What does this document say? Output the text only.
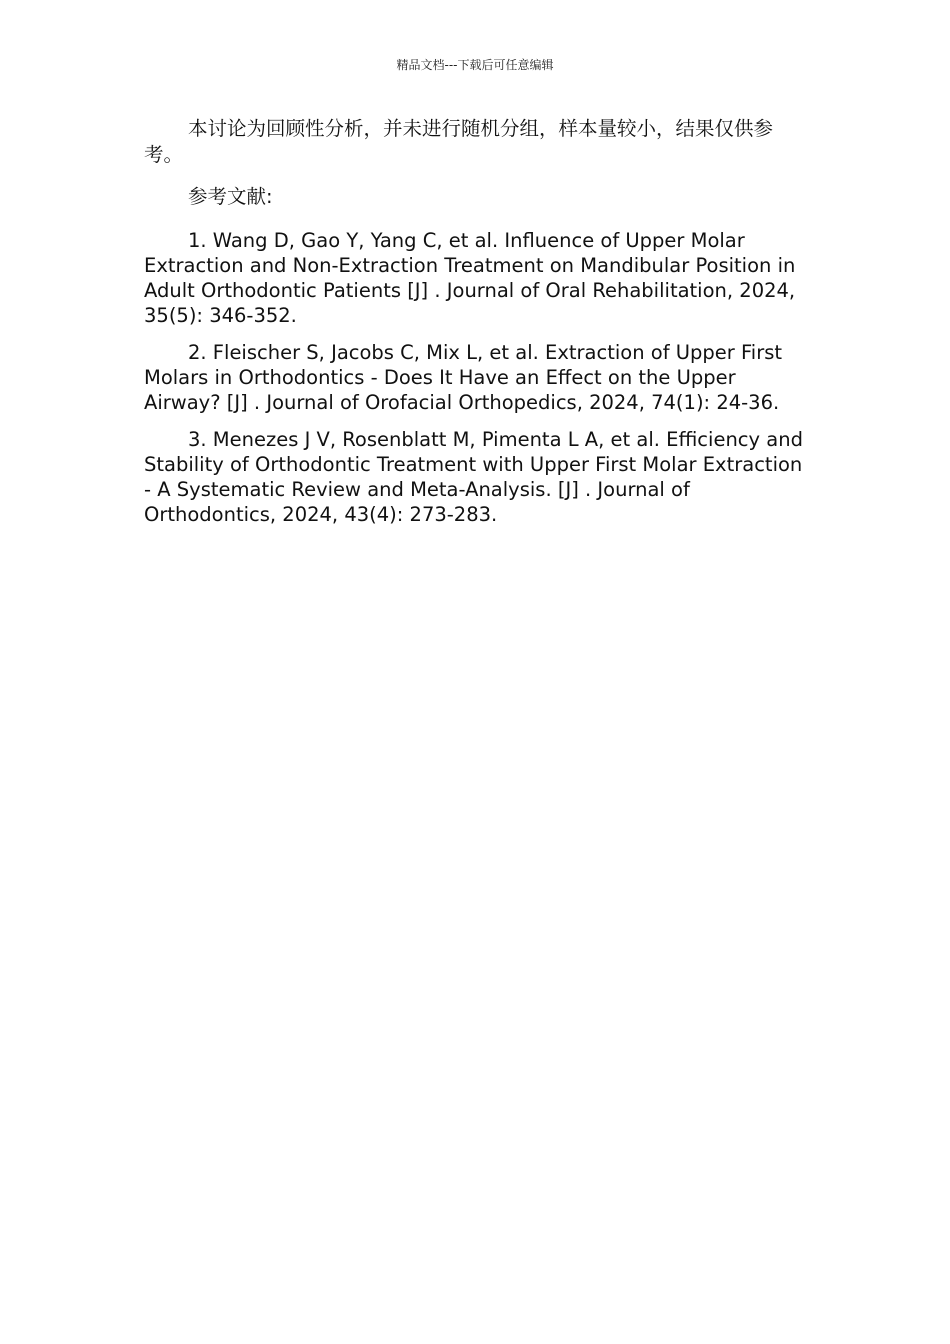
精品文档---下载后可任意编辑

本讨论为回顾性分析，并未进行随机分组，样本量较小，结果仅供参考。

参考文献:

1. Wang D, Gao Y, Yang C, et al. Influence of Upper Molar Extraction and Non-Extraction Treatment on Mandibular Position in Adult Orthodontic Patients [J] . Journal of Oral Rehabilitation, 2024, 35(5): 346-352.

2. Fleischer S, Jacobs C, Mix L, et al. Extraction of Upper First Molars in Orthodontics - Does It Have an Effect on the Upper Airway? [J] . Journal of Orofacial Orthopedics, 2024, 74(1): 24-36.

3. Menezes J V, Rosenblatt M, Pimenta L A, et al. Efficiency and Stability of Orthodontic Treatment with Upper First Molar Extraction - A Systematic Review and Meta-Analysis. [J] . Journal of Orthodontics, 2024, 43(4): 273-283.
